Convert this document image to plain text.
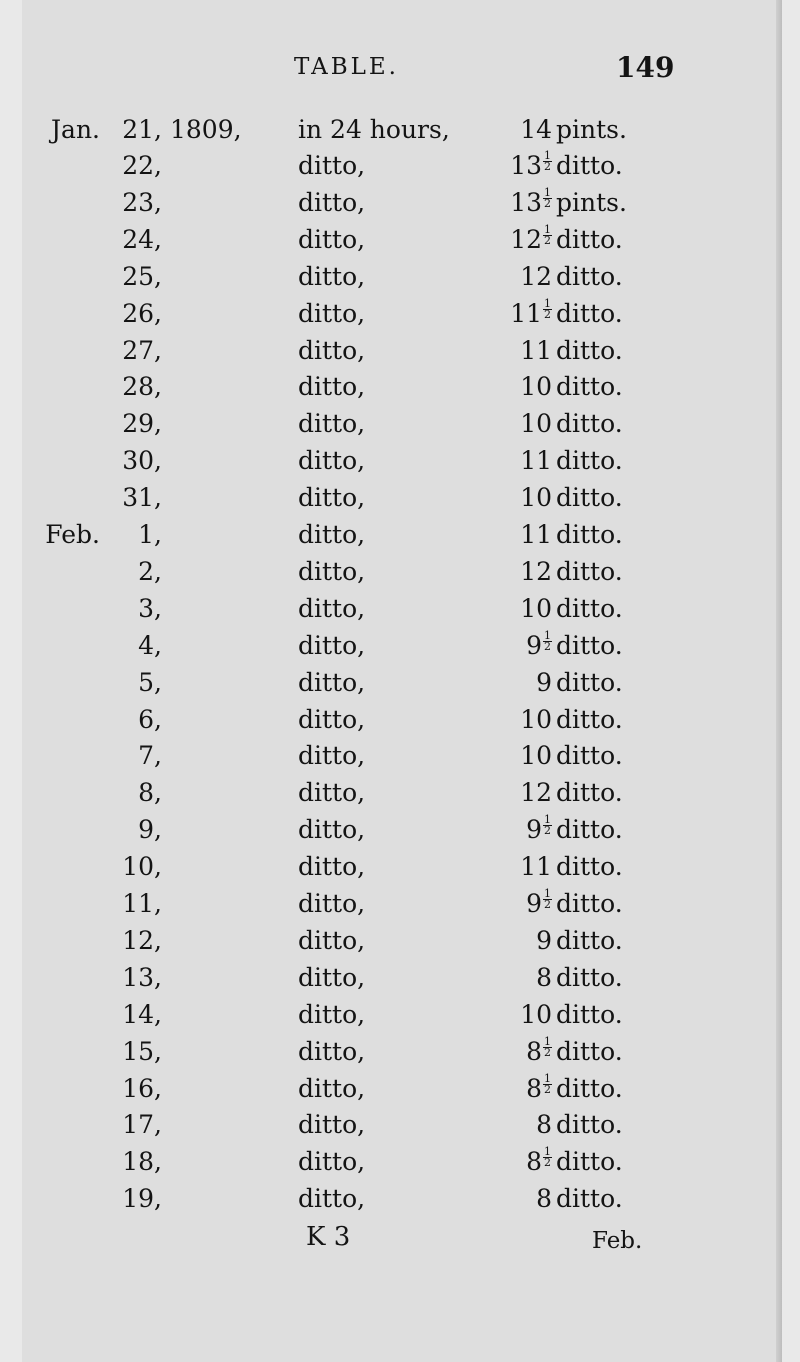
TABLE.	149
Jan. 21, 1809, in 24 hours,	14 pints.
22,	ditto,	$13 \frac{1}{2}$ ditto.
23,	ditto,	$13 \frac{1}{2}$ pints.
24,	ditto,	$12 \frac{1}{2}$ ditto.
25,	ditto,	12 ditto.
26,	ditto,	$11 \frac{1}{2}$ ditto.
27,	ditto,	11 ditto.
28,	ditto,	10 ditto.
29,	ditto,	10 ditto.
30,	ditto,	11 ditto.
31,	ditto,	10 ditto.
Feb.	1,	ditto,	11 ditto.
2,	ditto,	12 ditto.
3,	ditto,	10 ditto.
4,	ditto,	$9 \frac{1}{2}$ ditto.
5,	ditto,	9 ditto.
6,	ditto,	10 ditto.
7,	ditto,	10 ditto.
8,	ditto,	12 ditto.
9,	ditto,	$9 \frac{1}{2}$ ditto.
10,	ditto,	11 ditto.
11,	ditto,	$9 \frac{1}{2}$ ditto.
12,	ditto,	9 ditto.
13,	ditto,	8 ditto.
14,	ditto,	10 ditto.
15,	ditto,	$8 \frac{1}{2}$ ditto.
16,	ditto,	$8 \frac{1}{2}$ ditto.
17,	ditto,	8 ditto.
18,	ditto,	$8 \frac{1}{2}$ ditto.
19,	ditto,	8 ditto.
K 3	Feb.
